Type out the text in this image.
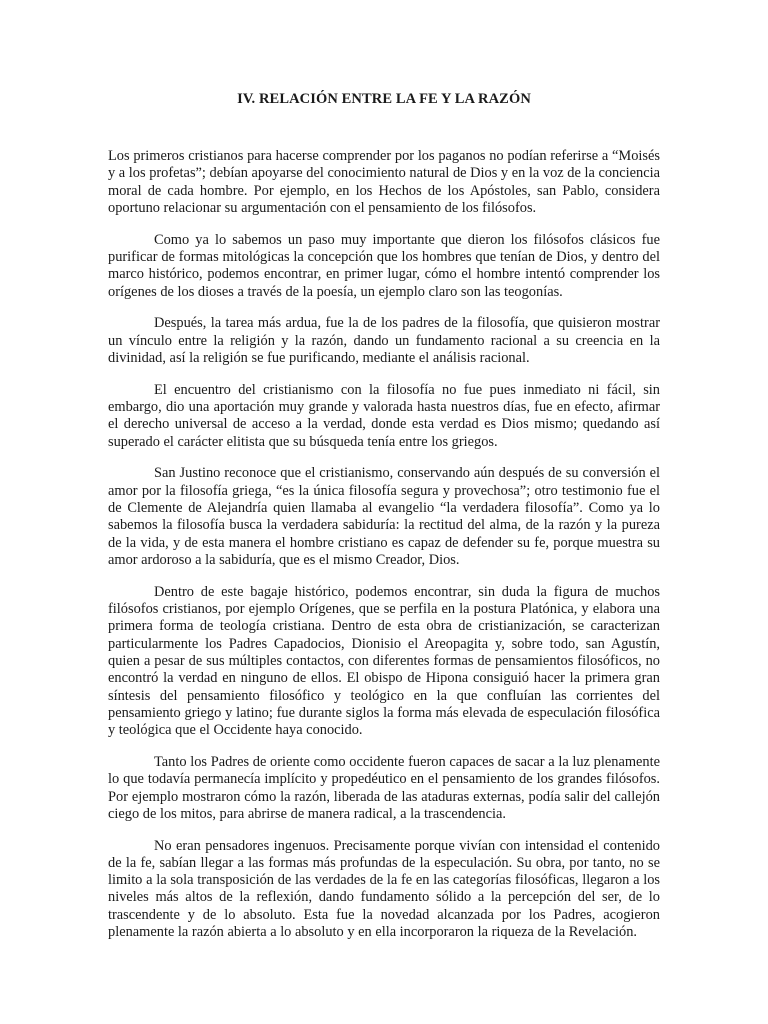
IV. RELACIÓN ENTRE LA FE Y LA RAZÓN

Los primeros cristianos para hacerse comprender por los paganos no podían referirse a “Moisés y a los profetas”; debían apoyarse del conocimiento natural de Dios y en la voz de la conciencia moral de cada hombre. Por ejemplo, en los Hechos de los Apóstoles, san Pablo, considera oportuno relacionar su argumentación con el pensamiento de los filósofos.

Como ya lo sabemos un paso muy importante que dieron los filósofos clásicos fue purificar de formas mitológicas la concepción que los hombres que tenían de Dios, y dentro del marco histórico, podemos encontrar, en primer lugar, cómo el hombre intentó comprender los orígenes de los dioses a través de la poesía, un ejemplo claro son las teogonías.

Después, la tarea más ardua, fue la de los padres de la filosofía, que quisieron mostrar un vínculo entre la religión y la razón, dando un fundamento racional a su creencia en la divinidad, así la religión se fue purificando, mediante el análisis racional.

El encuentro del cristianismo con la filosofía no fue pues inmediato ni fácil, sin embargo, dio una aportación muy grande y valorada hasta nuestros días, fue en efecto, afirmar el derecho universal de acceso a la verdad, donde esta verdad es Dios mismo; quedando así superado el carácter elitista que su búsqueda tenía entre los griegos.

San Justino reconoce que el cristianismo, conservando aún después de su conversión el amor por la filosofía griega, “es la única filosofía segura y provechosa”; otro testimonio fue el de Clemente de Alejandría quien llamaba al evangelio “la verdadera filosofía”. Como ya lo sabemos la filosofía busca la verdadera sabiduría: la rectitud del alma, de la razón y la pureza de la vida, y de esta manera el hombre cristiano es capaz de defender su fe, porque muestra su amor ardoroso a la sabiduría, que es el mismo Creador, Dios.

Dentro de este bagaje histórico, podemos encontrar, sin duda la figura de muchos filósofos cristianos, por ejemplo Orígenes, que se perfila en la postura Platónica, y elabora una primera forma de teología cristiana. Dentro de esta obra de cristianización, se caracterizan particularmente los Padres Capadocios, Dionisio el Areopagita y, sobre todo, san Agustín, quien a pesar de sus múltiples contactos, con diferentes formas de pensamientos filosóficos, no encontró la verdad en ninguno de ellos. El obispo de Hipona consiguió hacer la primera gran síntesis del pensamiento filosófico y teológico en la que confluían las corrientes del pensamiento griego y latino; fue durante siglos la forma más elevada de especulación filosófica y teológica que el Occidente haya conocido.

Tanto los Padres de oriente como occidente fueron capaces de sacar a la luz plenamente lo que todavía permanecía implícito y propedéutico en el pensamiento de los grandes filósofos. Por ejemplo mostraron cómo la razón, liberada de las ataduras externas, podía salir del callejón ciego de los mitos, para abrirse de manera radical, a la trascendencia.

No eran pensadores ingenuos. Precisamente porque vivían con intensidad el contenido de la fe, sabían llegar a las formas más profundas de la especulación. Su obra, por tanto, no se limito a la sola transposición de las verdades de la fe en las categorías filosóficas, llegaron a los niveles más altos de la reflexión, dando fundamento sólido a la percepción del ser, de lo trascendente y de lo absoluto. Esta fue la novedad alcanzada por los Padres, acogieron plenamente la razón abierta a lo absoluto y en ella incorporaron la riqueza de la Revelación.
